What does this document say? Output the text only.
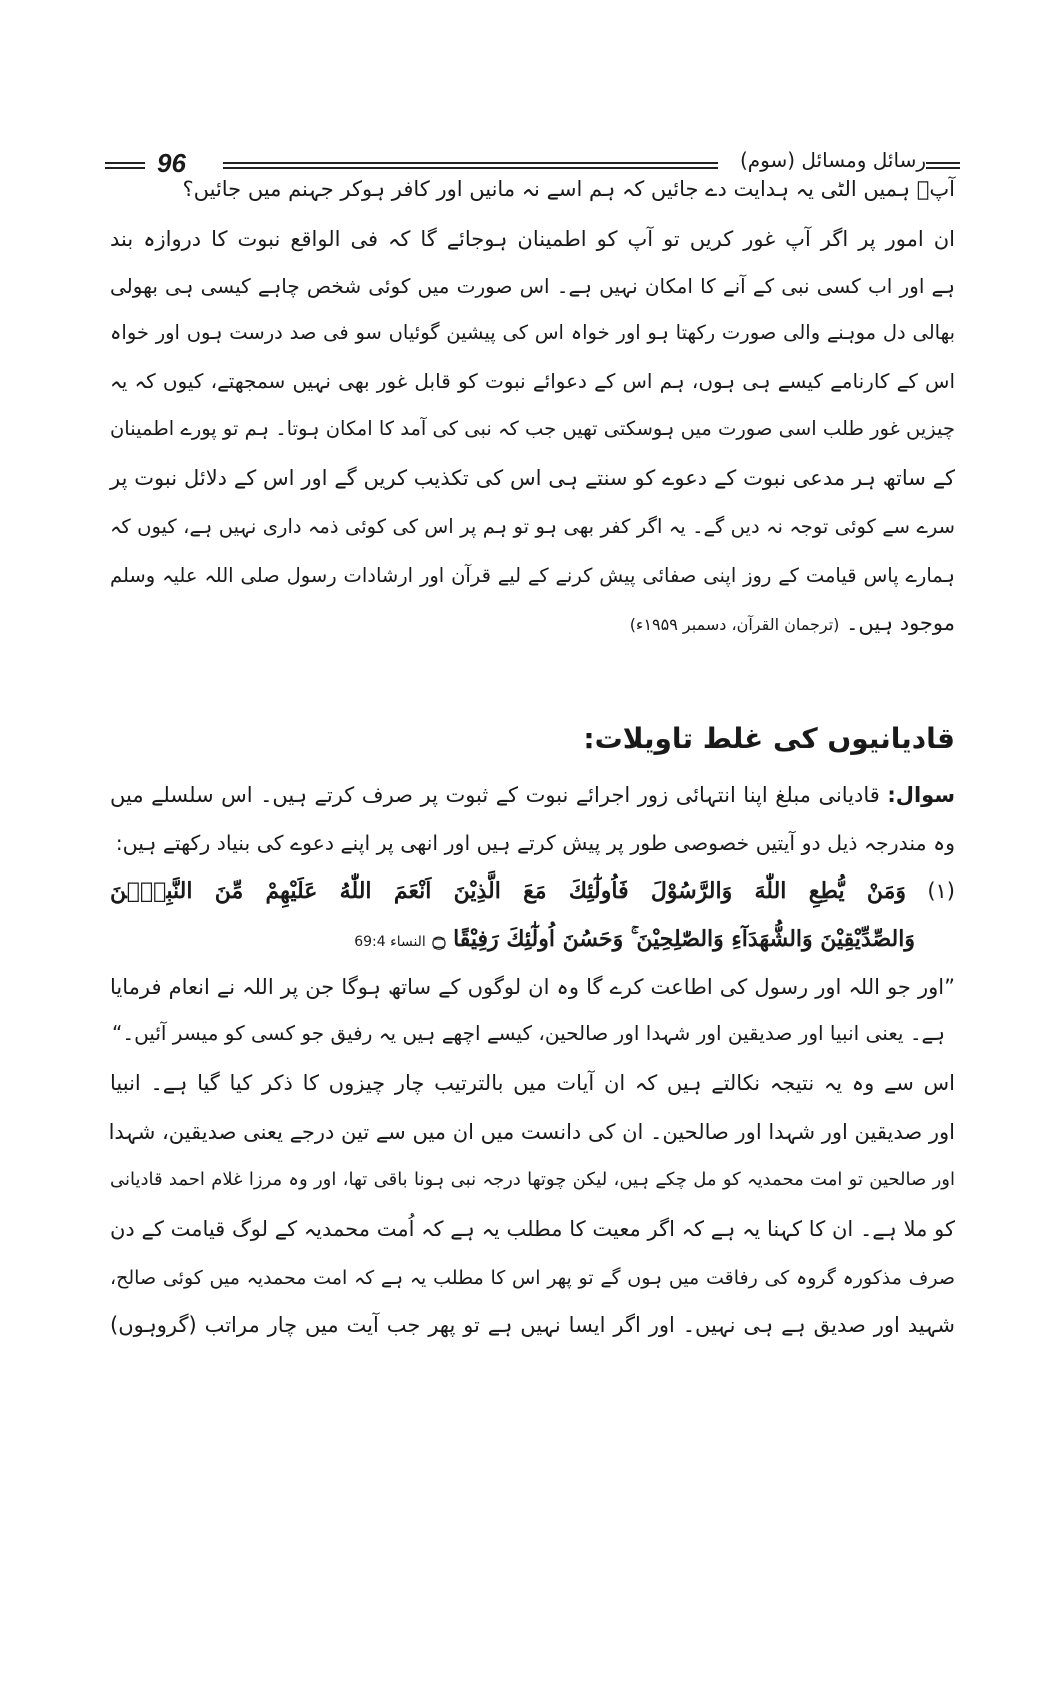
96	رسائل ومسائل (سوم)
آپؐ ہمیں الٹی یہ ہدایت دے جائیں کہ ہم اسے نہ مانیں اور کافر ہوکر جہنم میں جائیں؟
ان امور پر اگر آپ غور کریں تو آپ کو اطمینان ہوجائے گا کہ فی الواقع نبوت کا دروازہ بند
ہے اور اب کسی نبی کے آنے کا امکان نہیں ہے۔ اس صورت میں کوئی شخص چاہے کیسی ہی بھولی
بھالی دل موہنے والی صورت رکھتا ہو اور خواہ اس کی پیشین گوئیاں سو فی صد درست ہوں اور خواہ
اس کے کارنامے کیسے ہی ہوں، ہم اس کے دعوائے نبوت کو قابل غور بھی نہیں سمجھتے، کیوں کہ یہ
چیزیں غور طلب اسی صورت میں ہوسکتی تھیں جب کہ نبی کی آمد کا امکان ہوتا۔ ہم تو پورے اطمینان
کے ساتھ ہر مدعی نبوت کے دعوے کو سنتے ہی اس کی تکذیب کریں گے اور اس کے دلائل نبوت پر
سرے سے کوئی توجہ نہ دیں گے۔ یہ اگر کفر بھی ہو تو ہم پر اس کی کوئی ذمہ داری نہیں ہے، کیوں کہ
ہمارے پاس قیامت کے روز اپنی صفائی پیش کرنے کے لیے قرآن اور ارشادات رسول صلی اللہ علیہ وسلم
موجود ہیں۔ (ترجمان القرآن، دسمبر ۱۹۵۹ء)
قادیانیوں کی غلط تاویلات:
سوال: قادیانی مبلغ اپنا انتہائی زور اجرائے نبوت کے ثبوت پر صرف کرتے ہیں۔ اس سلسلے میں
وہ مندرجہ ذیل دو آیتیں خصوصی طور پر پیش کرتے ہیں اور انھی پر اپنے دعوے کی بنیاد رکھتے ہیں:
(۱) وَمَنْ يُّطِعِ اللّٰهَ وَالرَّسُوْلَ فَاُولٰٓئِكَ مَعَ الَّذِيْنَ اَنْعَمَ اللّٰهُ عَلَيْهِمْ مِّنَ النَّبِيّٖنَ
وَالصِّدِّيْقِيْنَ وَالشُّهَدَآءِ وَالصّٰلِحِيْنَ ۚ وَحَسُنَ اُولٰٓئِكَ رَفِيْقًا ۝ النساء 69:4
”اور جو اللہ اور رسول کی اطاعت کرے گا وہ ان لوگوں کے ساتھ ہوگا جن پر اللہ نے انعام فرمایا
ہے۔ یعنی انبیا اور صدیقین اور شہدا اور صالحین، کیسے اچھے ہیں یہ رفیق جو کسی کو میسر آئیں۔“
اس سے وہ یہ نتیجہ نکالتے ہیں کہ ان آیات میں بالترتیب چار چیزوں کا ذکر کیا گیا ہے۔ انبیا
اور صدیقین اور شہدا اور صالحین۔ ان کی دانست میں ان میں سے تین درجے یعنی صدیقین، شہدا
اور صالحین تو امت محمدیہ کو مل چکے ہیں، لیکن چوتھا درجہ نبی ہونا باقی تھا، اور وہ مرزا غلام احمد قادیانی
کو ملا ہے۔ ان کا کہنا یہ ہے کہ اگر معیت کا مطلب یہ ہے کہ اُمت محمدیہ کے لوگ قیامت کے دن
صرف مذکورہ گروہ کی رفاقت میں ہوں گے تو پھر اس کا مطلب یہ ہے کہ امت محمدیہ میں کوئی صالح،
شہید اور صدیق ہے ہی نہیں۔ اور اگر ایسا نہیں ہے تو پھر جب آیت میں چار مراتب (گروہوں)
